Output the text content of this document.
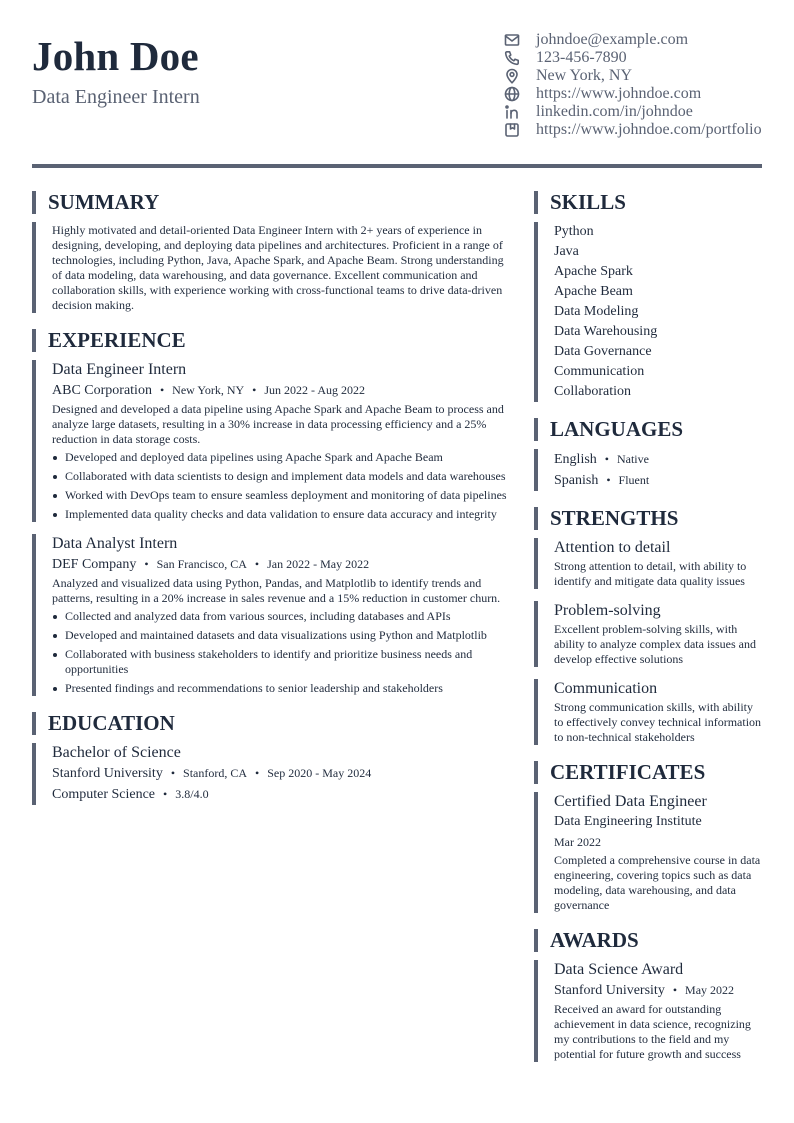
John Doe
Data Engineer Intern
johndoe@example.com
123-456-7890
New York, NY
https://www.johndoe.com
linkedin.com/in/johndoe
https://www.johndoe.com/portfolio
SUMMARY
Highly motivated and detail-oriented Data Engineer Intern with 2+ years of experience in designing, developing, and deploying data pipelines and architectures. Proficient in a range of technologies, including Python, Java, Apache Spark, and Apache Beam. Strong understanding of data modeling, data warehousing, and data governance. Excellent communication and collaboration skills, with experience working with cross-functional teams to drive data-driven decision making.
EXPERIENCE
Data Engineer Intern
ABC Corporation • New York, NY • Jun 2022 - Aug 2022
Designed and developed a data pipeline using Apache Spark and Apache Beam to process and analyze large datasets, resulting in a 30% increase in data processing efficiency and a 25% reduction in data storage costs.
Developed and deployed data pipelines using Apache Spark and Apache Beam
Collaborated with data scientists to design and implement data models and data warehouses
Worked with DevOps team to ensure seamless deployment and monitoring of data pipelines
Implemented data quality checks and data validation to ensure data accuracy and integrity
Data Analyst Intern
DEF Company • San Francisco, CA • Jan 2022 - May 2022
Analyzed and visualized data using Python, Pandas, and Matplotlib to identify trends and patterns, resulting in a 20% increase in sales revenue and a 15% reduction in customer churn.
Collected and analyzed data from various sources, including databases and APIs
Developed and maintained datasets and data visualizations using Python and Matplotlib
Collaborated with business stakeholders to identify and prioritize business needs and opportunities
Presented findings and recommendations to senior leadership and stakeholders
EDUCATION
Bachelor of Science
Stanford University • Stanford, CA • Sep 2020 - May 2024
Computer Science • 3.8/4.0
SKILLS
Python
Java
Apache Spark
Apache Beam
Data Modeling
Data Warehousing
Data Governance
Communication
Collaboration
LANGUAGES
English • Native
Spanish • Fluent
STRENGTHS
Attention to detail
Strong attention to detail, with ability to identify and mitigate data quality issues
Problem-solving
Excellent problem-solving skills, with ability to analyze complex data issues and develop effective solutions
Communication
Strong communication skills, with ability to effectively convey technical information to non-technical stakeholders
CERTIFICATES
Certified Data Engineer
Data Engineering Institute
Mar 2022
Completed a comprehensive course in data engineering, covering topics such as data modeling, data warehousing, and data governance
AWARDS
Data Science Award
Stanford University • May 2022
Received an award for outstanding achievement in data science, recognizing my contributions to the field and my potential for future growth and success
